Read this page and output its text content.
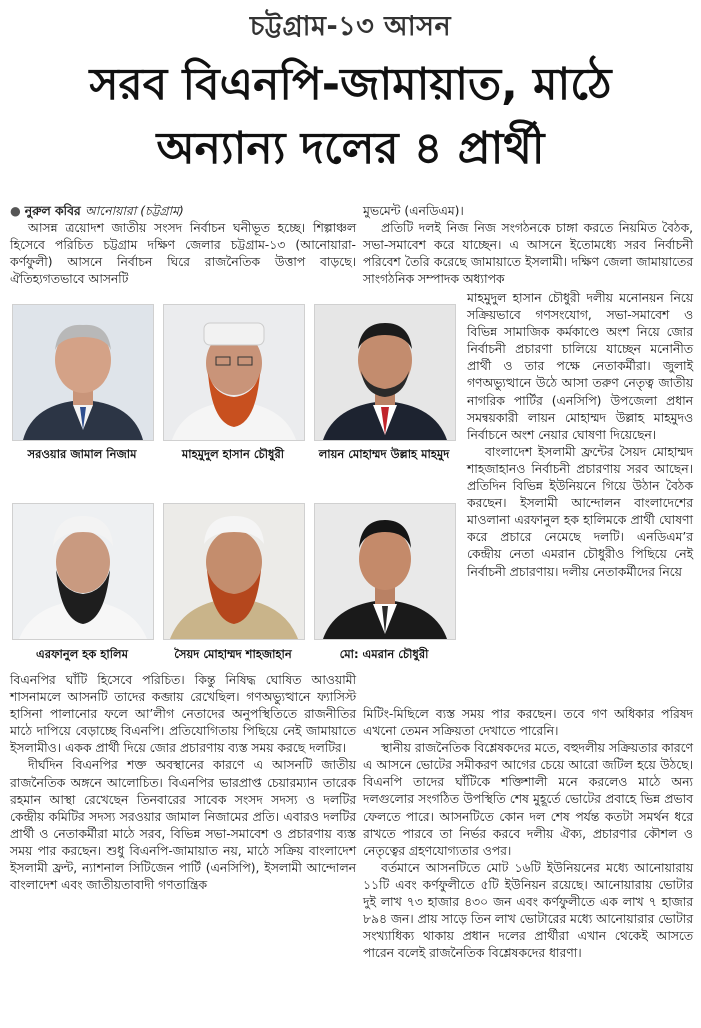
চট্টগ্রাম-১৩ আসন
সরব বিএনপি-জামায়াত, মাঠে
অন্যান্য দলের ৪ প্রার্থী

● নুরুল কবির আনোয়ারা (চট্টগ্রাম)

আসন্ন ত্রয়োদশ জাতীয় সংসদ নির্বাচন ঘনীভূত হচ্ছে। শিল্পাঞ্চল হিসেবে পরিচিত চট্টগ্রাম দক্ষিণ জেলার চট্টগ্রাম-১৩ (আনোয়ারা-কর্ণফুলী) আসনে নির্বাচন ঘিরে রাজনৈতিক উত্তাপ বাড়ছে। ঐতিহ্যগতভাবে আসনটি

মুভমেন্ট (এনডিএম)।

প্রতিটি দলই নিজ নিজ সংগঠনকে চাঙ্গা করতে নিয়মিত বৈঠক, সভা-সমাবেশ করে যাচ্ছেন। এ আসনে ইতোমধ্যে সরব নির্বাচনী পরিবেশ তৈরি করেছে জামায়াতে ইসলামী। দক্ষিণ জেলা জামায়াতের সাংগঠনিক সম্পাদক অধ্যাপক

মাহমুদুল হাসান চৌধুরী দলীয় মনোনয়ন নিয়ে সক্রিয়ভাবে গণসংযোগ, সভা-সমাবেশ ও বিভিন্ন সামাজিক কর্মকাণ্ডে অংশ নিয়ে জোর নির্বাচনী প্রচারণা চালিয়ে যাচ্ছেন মনোনীত প্রার্থী ও তার পক্ষে নেতাকর্মীরা। জুলাই গণঅভ্যুত্থানে উঠে আসা তরুণ নেতৃত্ব জাতীয় নাগরিক পার্টির (এনসিপি) উপজেলা প্রধান সমন্বয়কারী লায়ন মোহাম্মদ উল্লাহ মাহমুদও নির্বাচনে অংশ নেয়ার ঘোষণা দিয়েছেন।

বাংলাদেশ ইসলামী ফ্রন্টের সৈয়দ মোহাম্মদ শাহজাহানও নির্বাচনী প্রচারণায় সরব আছেন। প্রতিদিন বিভিন্ন ইউনিয়নে গিয়ে উঠান বৈঠক করছেন। ইসলামী আন্দোলন বাংলাদেশের মাওলানা এরফানুল হক হালিমকে প্রার্থী ঘোষণা করে প্রচারে নেমেছে দলটি। এনডিএম’র কেন্দ্রীয় নেতা এমরান চৌধুরীও পিছিয়ে নেই নির্বাচনী প্রচারণায়। দলীয় নেতাকর্মীদের নিয়ে

সরওয়ার জামাল নিজাম	মাহমুদুল হাসান চৌধুরী	লায়ন মোহাম্মদ উল্লাহ মাহমুদ
এরফানুল হক হালিম	সৈয়দ মোহাম্মদ শাহজাহান	মো: এমরান চৌধুরী

বিএনপির ঘাঁটি হিসেবে পরিচিত। কিন্তু নিষিদ্ধ ঘোষিত আওয়ামী শাসনামলে আসনটি তাদের কব্জায় রেখেছিল। গণঅভ্যুত্থানে ফ্যাসিস্ট হাসিনা পালানোর ফলে আ’লীগ নেতাদের অনুপস্থিতিতে রাজনীতির মাঠে দাপিয়ে বেড়াচ্ছে বিএনপি। প্রতিযোগিতায় পিছিয়ে নেই জামায়াতে ইসলামীও। একক প্রার্থী দিয়ে জোর প্রচারণায় ব্যস্ত সময় করছে দলটির।

দীর্ঘদিন বিএনপির শক্ত অবস্থানের কারণে এ আসনটি জাতীয় রাজনৈতিক অঙ্গনে আলোচিত। বিএনপির ভারপ্রাপ্ত চেয়ারম্যান তারেক রহমান আস্থা রেখেছেন তিনবারের সাবেক সংসদ সদস্য ও দলটির কেন্দ্রীয় কমিটির সদস্য সরওয়ার জামাল নিজামের প্রতি। এবারও দলটির প্রার্থী ও নেতাকর্মীরা মাঠে সরব, বিভিন্ন সভা-সমাবেশ ও প্রচারণায় ব্যস্ত সময় পার করছেন। শুধু বিএনপি-জামায়াত নয়, মাঠে সক্রিয় বাংলাদেশ ইসলামী ফ্রন্ট, ন্যাশনাল সিটিজেন পার্টি (এনসিপি), ইসলামী আন্দোলন বাংলাদেশ এবং জাতীয়তাবাদী গণতান্ত্রিক

মিটিং-মিছিলে ব্যস্ত সময় পার করছেন। তবে গণ অধিকার পরিষদ এখনো তেমন সক্রিয়তা দেখাতে পারেনি।

স্থানীয় রাজনৈতিক বিশ্লেষকদের মতে, বহুদলীয় সক্রিয়তার কারণে এ আসনে ভোটের সমীকরণ আগের চেয়ে আরো জটিল হয়ে উঠছে। বিএনপি তাদের ঘাঁটিকে শক্তিশালী মনে করলেও মাঠে অন্য দলগুলোর সংগঠিত উপস্থিতি শেষ মুহূর্তে ভোটের প্রবাহে ভিন্ন প্রভাব ফেলতে পারে। আসনটিতে কোন দল শেষ পর্যন্ত কতটা সমর্থন ধরে রাখতে পারবে তা নির্ভর করবে দলীয় ঐক্য, প্রচারণার কৌশল ও নেতৃত্বের গ্রহণযোগ্যতার ওপর।

বর্তমানে আসনটিতে মোট ১৬টি ইউনিয়নের মধ্যে আনোয়ারায় ১১টি এবং কর্ণফুলীতে ৫টি ইউনিয়ন রয়েছে। আনোয়ারায় ভোটার দুই লাখ ৭৩ হাজার ৪৩০ জন এবং কর্ণফুলীতে এক লাখ ৭ হাজার ৮৯৪ জন। প্রায় সাড়ে তিন লাখ ভোটারের মধ্যে আনোয়ারার ভোটার সংখ্যাধিক্য থাকায় প্রধান দলের প্রার্থীরা এখান থেকেই আসতে পারেন বলেই রাজনৈতিক বিশ্লেষকদের ধারণা।
